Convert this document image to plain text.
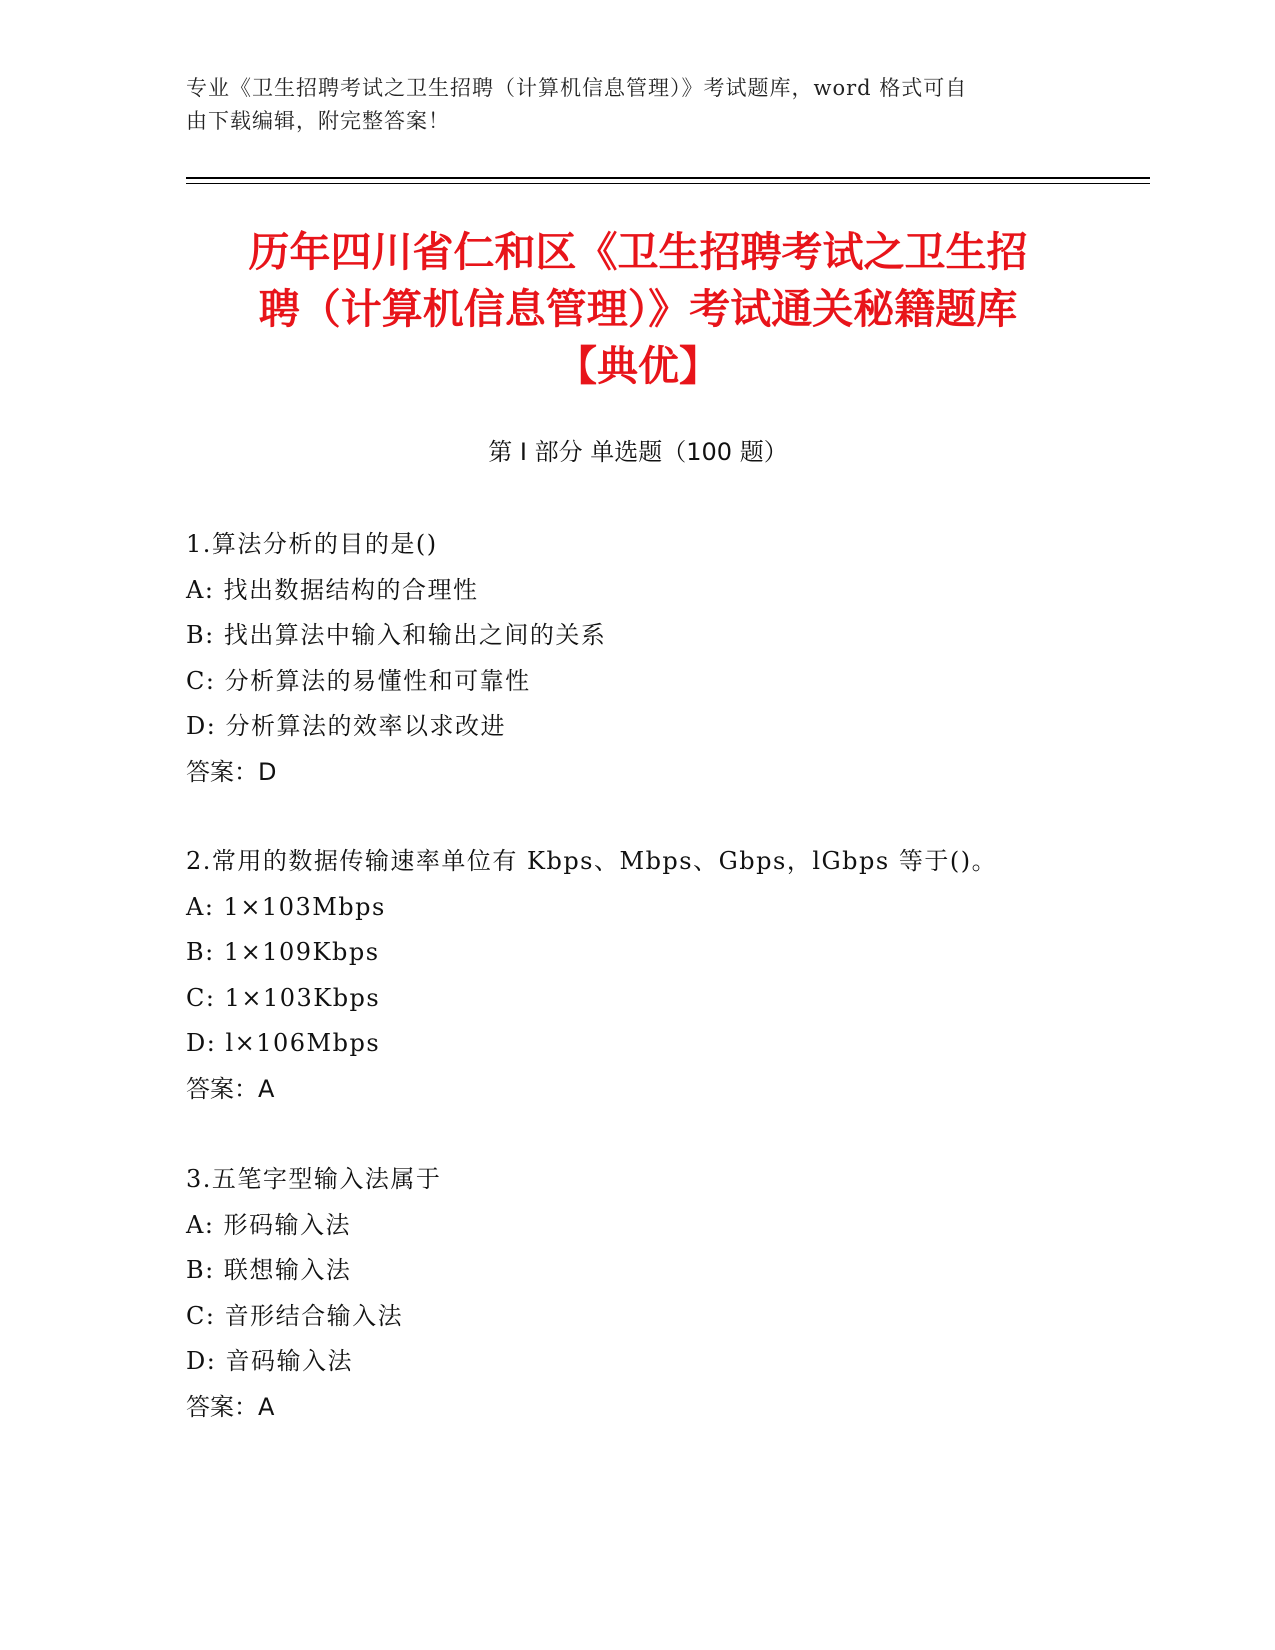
专业《卫生招聘考试之卫生招聘（计算机信息管理）》考试题库，word 格式可自
由下载编辑，附完整答案！
历年四川省仁和区《卫生招聘考试之卫生招
聘（计算机信息管理）》考试通关秘籍题库
【典优】
第 I 部分 单选题（100 题）
1.算法分析的目的是()
A: 找出数据结构的合理性
B: 找出算法中输入和输出之间的关系
C: 分析算法的易懂性和可靠性
D: 分析算法的效率以求改进
答案：D
2.常用的数据传输速率单位有 Kbps、Mbps、Gbps，lGbps 等于()。
A: 1×103Mbps
B: 1×109Kbps
C: 1×103Kbps
D: l×106Mbps
答案：A
3.五笔字型输入法属于
A: 形码输入法
B: 联想输入法
C: 音形结合输入法
D: 音码输入法
答案：A
